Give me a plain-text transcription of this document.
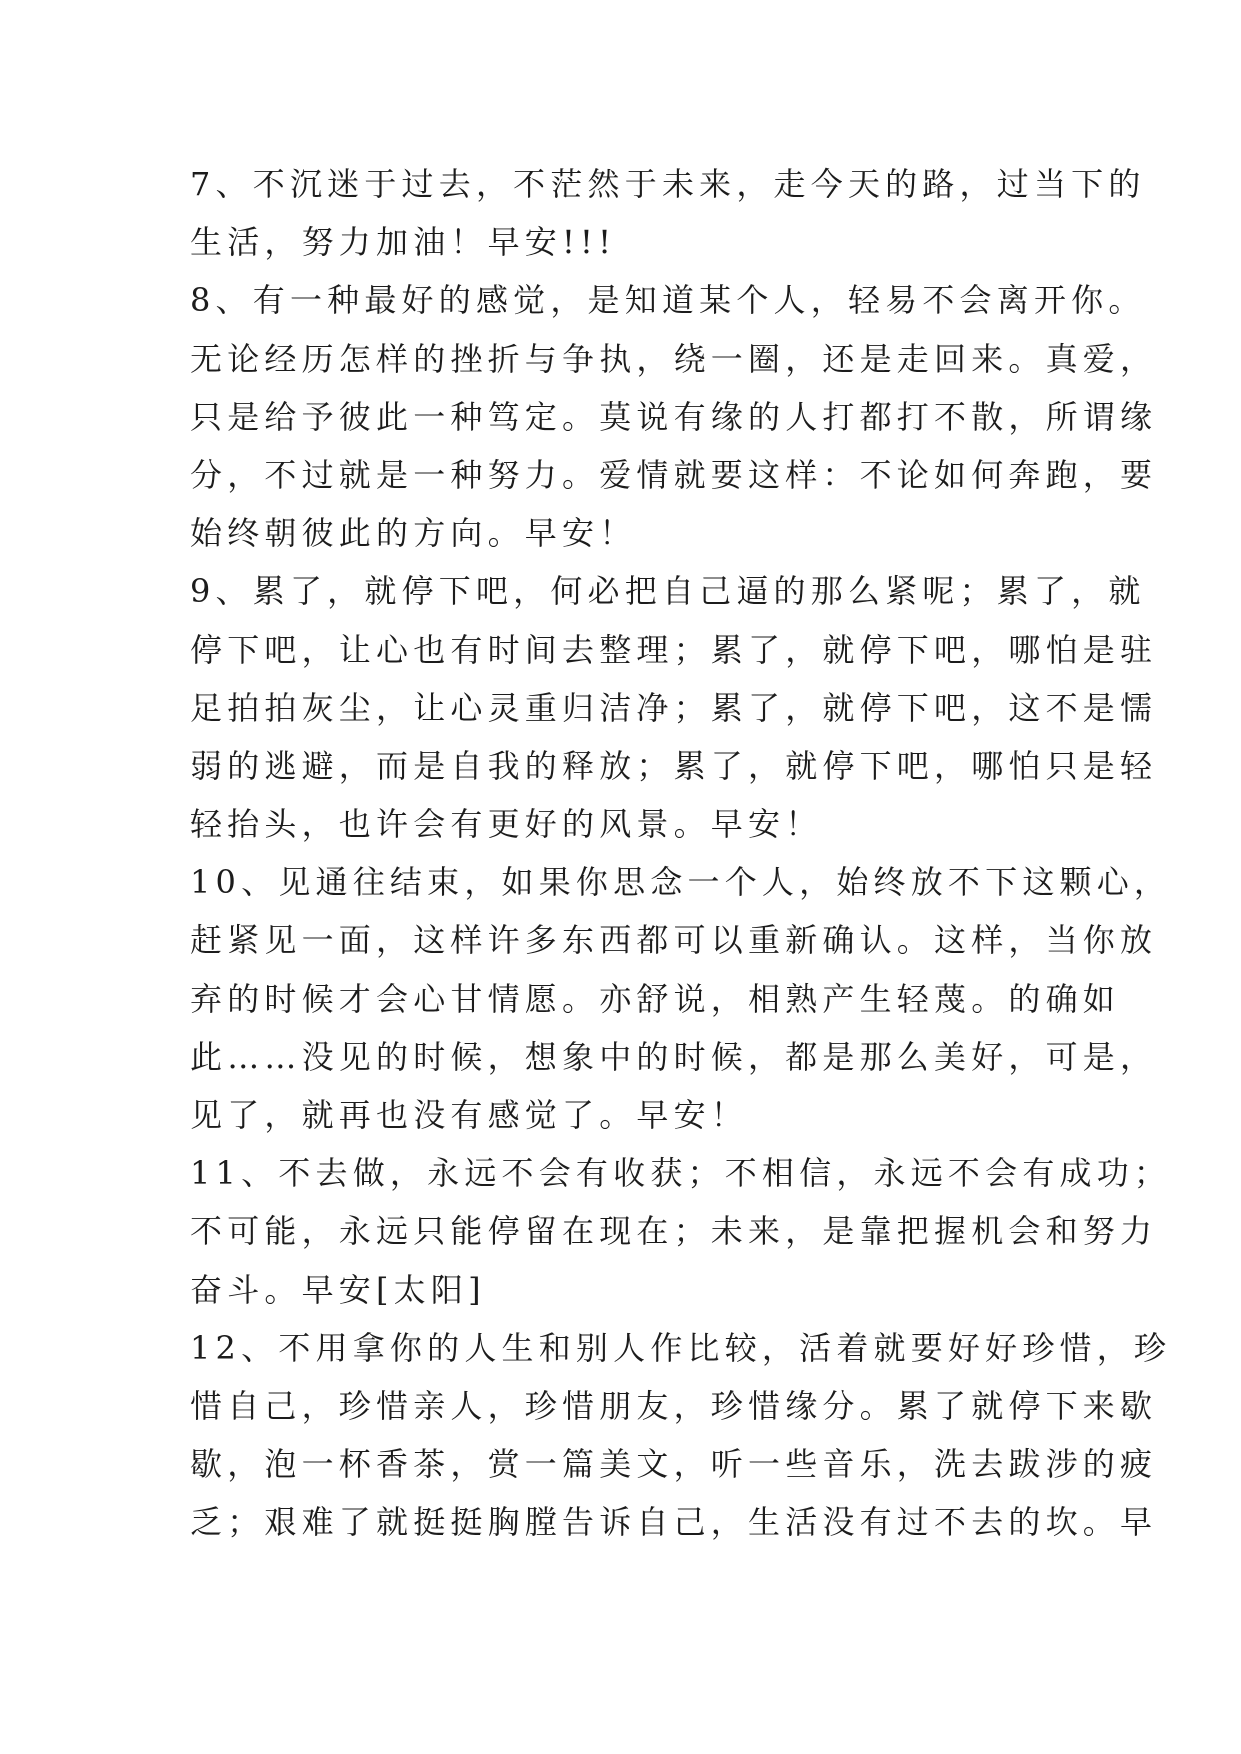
7、不沉迷于过去，不茫然于未来，走今天的路，过当下的
生活，努力加油！早安!!!
8、有一种最好的感觉，是知道某个人，轻易不会离开你。
无论经历怎样的挫折与争执，绕一圈，还是走回来。真爱，
只是给予彼此一种笃定。莫说有缘的人打都打不散，所谓缘
分，不过就是一种努力。爱情就要这样：不论如何奔跑，要
始终朝彼此的方向。早安！
9、累了，就停下吧，何必把自己逼的那么紧呢；累了，就
停下吧，让心也有时间去整理；累了，就停下吧，哪怕是驻
足拍拍灰尘，让心灵重归洁净；累了，就停下吧，这不是懦
弱的逃避，而是自我的释放；累了，就停下吧，哪怕只是轻
轻抬头，也许会有更好的风景。早安！
10、见通往结束，如果你思念一个人，始终放不下这颗心，
赶紧见一面，这样许多东西都可以重新确认。这样，当你放
弃的时候才会心甘情愿。亦舒说，相熟产生轻蔑。的确如
此……没见的时候，想象中的时候，都是那么美好，可是，
见了，就再也没有感觉了。早安！
11、不去做，永远不会有收获；不相信，永远不会有成功；
不可能，永远只能停留在现在；未来，是靠把握机会和努力
奋斗。早安[太阳]
12、不用拿你的人生和别人作比较，活着就要好好珍惜，珍
惜自己，珍惜亲人，珍惜朋友，珍惜缘分。累了就停下来歇
歇，泡一杯香茶，赏一篇美文，听一些音乐，洗去跋涉的疲
乏；艰难了就挺挺胸膛告诉自己，生活没有过不去的坎。早
